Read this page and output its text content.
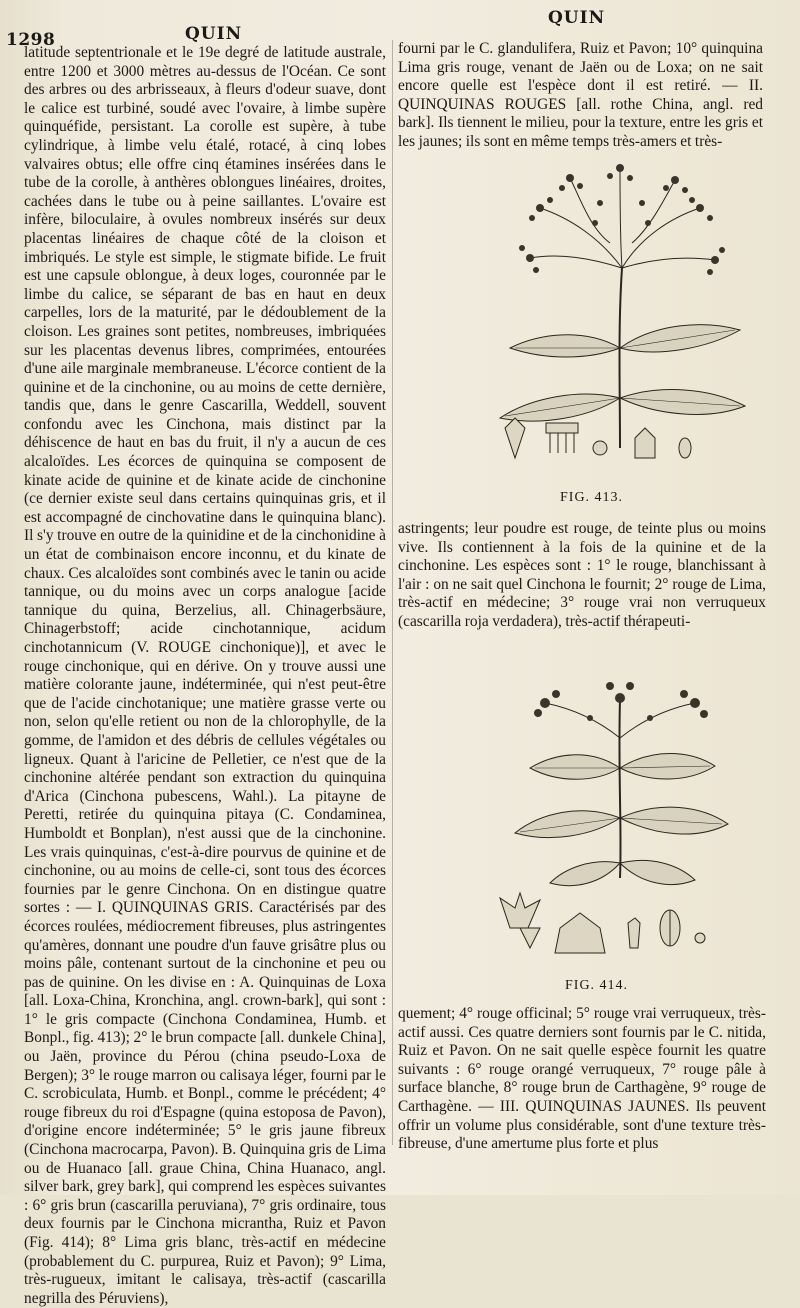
1298	QUIN
QUIN
latitude septentrionale et le 19e degré de latitude australe, entre 1200 et 3000 mètres au-dessus de l'Océan. Ce sont des arbres ou des arbrisseaux, à fleurs d'odeur suave, dont le calice est turbiné, soudé avec l'ovaire, à limbe supère quinquéfide, persistant. La corolle est supère, à tube cylindrique, à limbe velu étalé, rotacé, à cinq lobes valvaires obtus; elle offre cinq étamines insérées dans le tube de la corolle, à anthères oblongues linéaires, droites, cachées dans le tube ou à peine saillantes. L'ovaire est infère, biloculaire, à ovules nombreux insérés sur deux placentas linéaires de chaque côté de la cloison et imbriqués. Le style est simple, le stigmate bifide. Le fruit est une capsule oblongue, à deux loges, couronnée par le limbe du calice, se séparant de bas en haut en deux carpelles, lors de la maturité, par le dédoublement de la cloison. Les graines sont petites, nombreuses, imbriquées sur les placentas devenus libres, comprimées, entourées d'une aile marginale membraneuse. L'écorce contient de la quinine et de la cinchonine, ou au moins de cette dernière, tandis que, dans le genre Cascarilla, Weddell, souvent confondu avec les Cinchona, mais distinct par la déhiscence de haut en bas du fruit, il n'y a aucun de ces alcaloïdes. Les écorces de quinquina se composent de kinate acide de quinine et de kinate acide de cinchonine (ce dernier existe seul dans certains quinquinas gris, et il est accompagné de cinchovatine dans le quinquina blanc). Il s'y trouve en outre de la quinidine et de la cinchonidine à un état de combinaison encore inconnu, et du kinate de chaux. Ces alcaloïdes sont combinés avec le tanin ou acide tannique, ou du moins avec un corps analogue [acide tannique du quina, Berzelius, all. Chinagerbsäure, Chinagerbstoff; acide cinchotannique, acidum cinchotannicum (V. ROUGE cinchonique)], et avec le rouge cinchonique, qui en dérive. On y trouve aussi une matière colorante jaune, indéterminée, qui n'est peut-être que de l'acide cinchotanique; une matière grasse verte ou non, selon qu'elle retient ou non de la chlorophylle, de la gomme, de l'amidon et des débris de cellules végétales ou ligneux. Quant à l'aricine de Pelletier, ce n'est que de la cinchonine altérée pendant son extraction du quinquina d'Arica (Cinchona pubescens, Wahl.). La pitayne de Peretti, retirée du quinquina pitaya (C. Condaminea, Humboldt et Bonplan), n'est aussi que de la cinchonine. Les vrais quinquinas, c'est-à-dire pourvus de quinine et de cinchonine, ou au moins de celle-ci, sont tous des écorces fournies par le genre Cinchona. On en distingue quatre sortes : — I. QUINQUINAS GRIS. Caractérisés par des écorces roulées, médiocrement fibreuses, plus astringentes qu'amères, donnant une poudre d'un fauve grisâtre plus ou moins pâle, contenant surtout de la cinchonine et peu ou pas de quinine. On les divise en : A. Quinquinas de Loxa [all. Loxa-China, Kronchina, angl. crown-bark], qui sont : 1° le gris compacte (Cinchona Condaminea, Humb. et Bonpl., fig. 413); 2° le brun compacte [all. dunkele China], ou Jaën, province du Pérou (china pseudo-Loxa de Bergen); 3° le rouge marron ou calisaya léger, fourni par le C. scrobiculata, Humb. et Bonpl., comme le précédent; 4° rouge fibreux du roi d'Espagne (quina estoposa de Pavon), d'origine encore indéterminée; 5° le gris jaune fibreux (Cinchona macrocarpa, Pavon). B. Quinquina gris de Lima ou de Huanaco [all. graue China, China Huanaco, angl. silver bark, grey bark], qui comprend les espèces suivantes : 6° gris brun (cascarilla peruviana), 7° gris ordinaire, tous deux fournis par le Cinchona micrantha, Ruiz et Pavon (Fig. 414); 8° Lima gris blanc, très-actif en médecine (probablement du C. purpurea, Ruiz et Pavon); 9° Lima, très-rugueux, imitant le calisaya, très-actif (cascarilla negrilla des Péruviens),
fourni par le C. glandulifera, Ruiz et Pavon; 10° quinquina Lima gris rouge, venant de Jaën ou de Loxa; on ne sait encore quelle est l'espèce dont il est retiré. — II. QUINQUINAS ROUGES [all. rothe China, angl. red bark]. Ils tiennent le milieu, pour la texture, entre les gris et les jaunes; ils sont en même temps très-amers et très-
FIG. 413.
astringents; leur poudre est rouge, de teinte plus ou moins vive. Ils contiennent à la fois de la quinine et de la cinchonine. Les espèces sont : 1° le rouge, blanchissant à l'air : on ne sait quel Cinchona le fournit; 2° rouge de Lima, très-actif en médecine; 3° rouge vrai non verruqueux (cascarilla roja verdadera), très-actif thérapeuti-
FIG. 414.
quement; 4° rouge officinal; 5° rouge vrai verruqueux, très-actif aussi. Ces quatre derniers sont fournis par le C. nitida, Ruiz et Pavon. On ne sait quelle espèce fournit les quatre suivants : 6° rouge orangé verruqueux, 7° rouge pâle à surface blanche, 8° rouge brun de Carthagène, 9° rouge de Carthagène. — III. QUINQUINAS JAUNES. Ils peuvent offrir un volume plus considérable, sont d'une texture très-fibreuse, d'une amertume plus forte et plus
